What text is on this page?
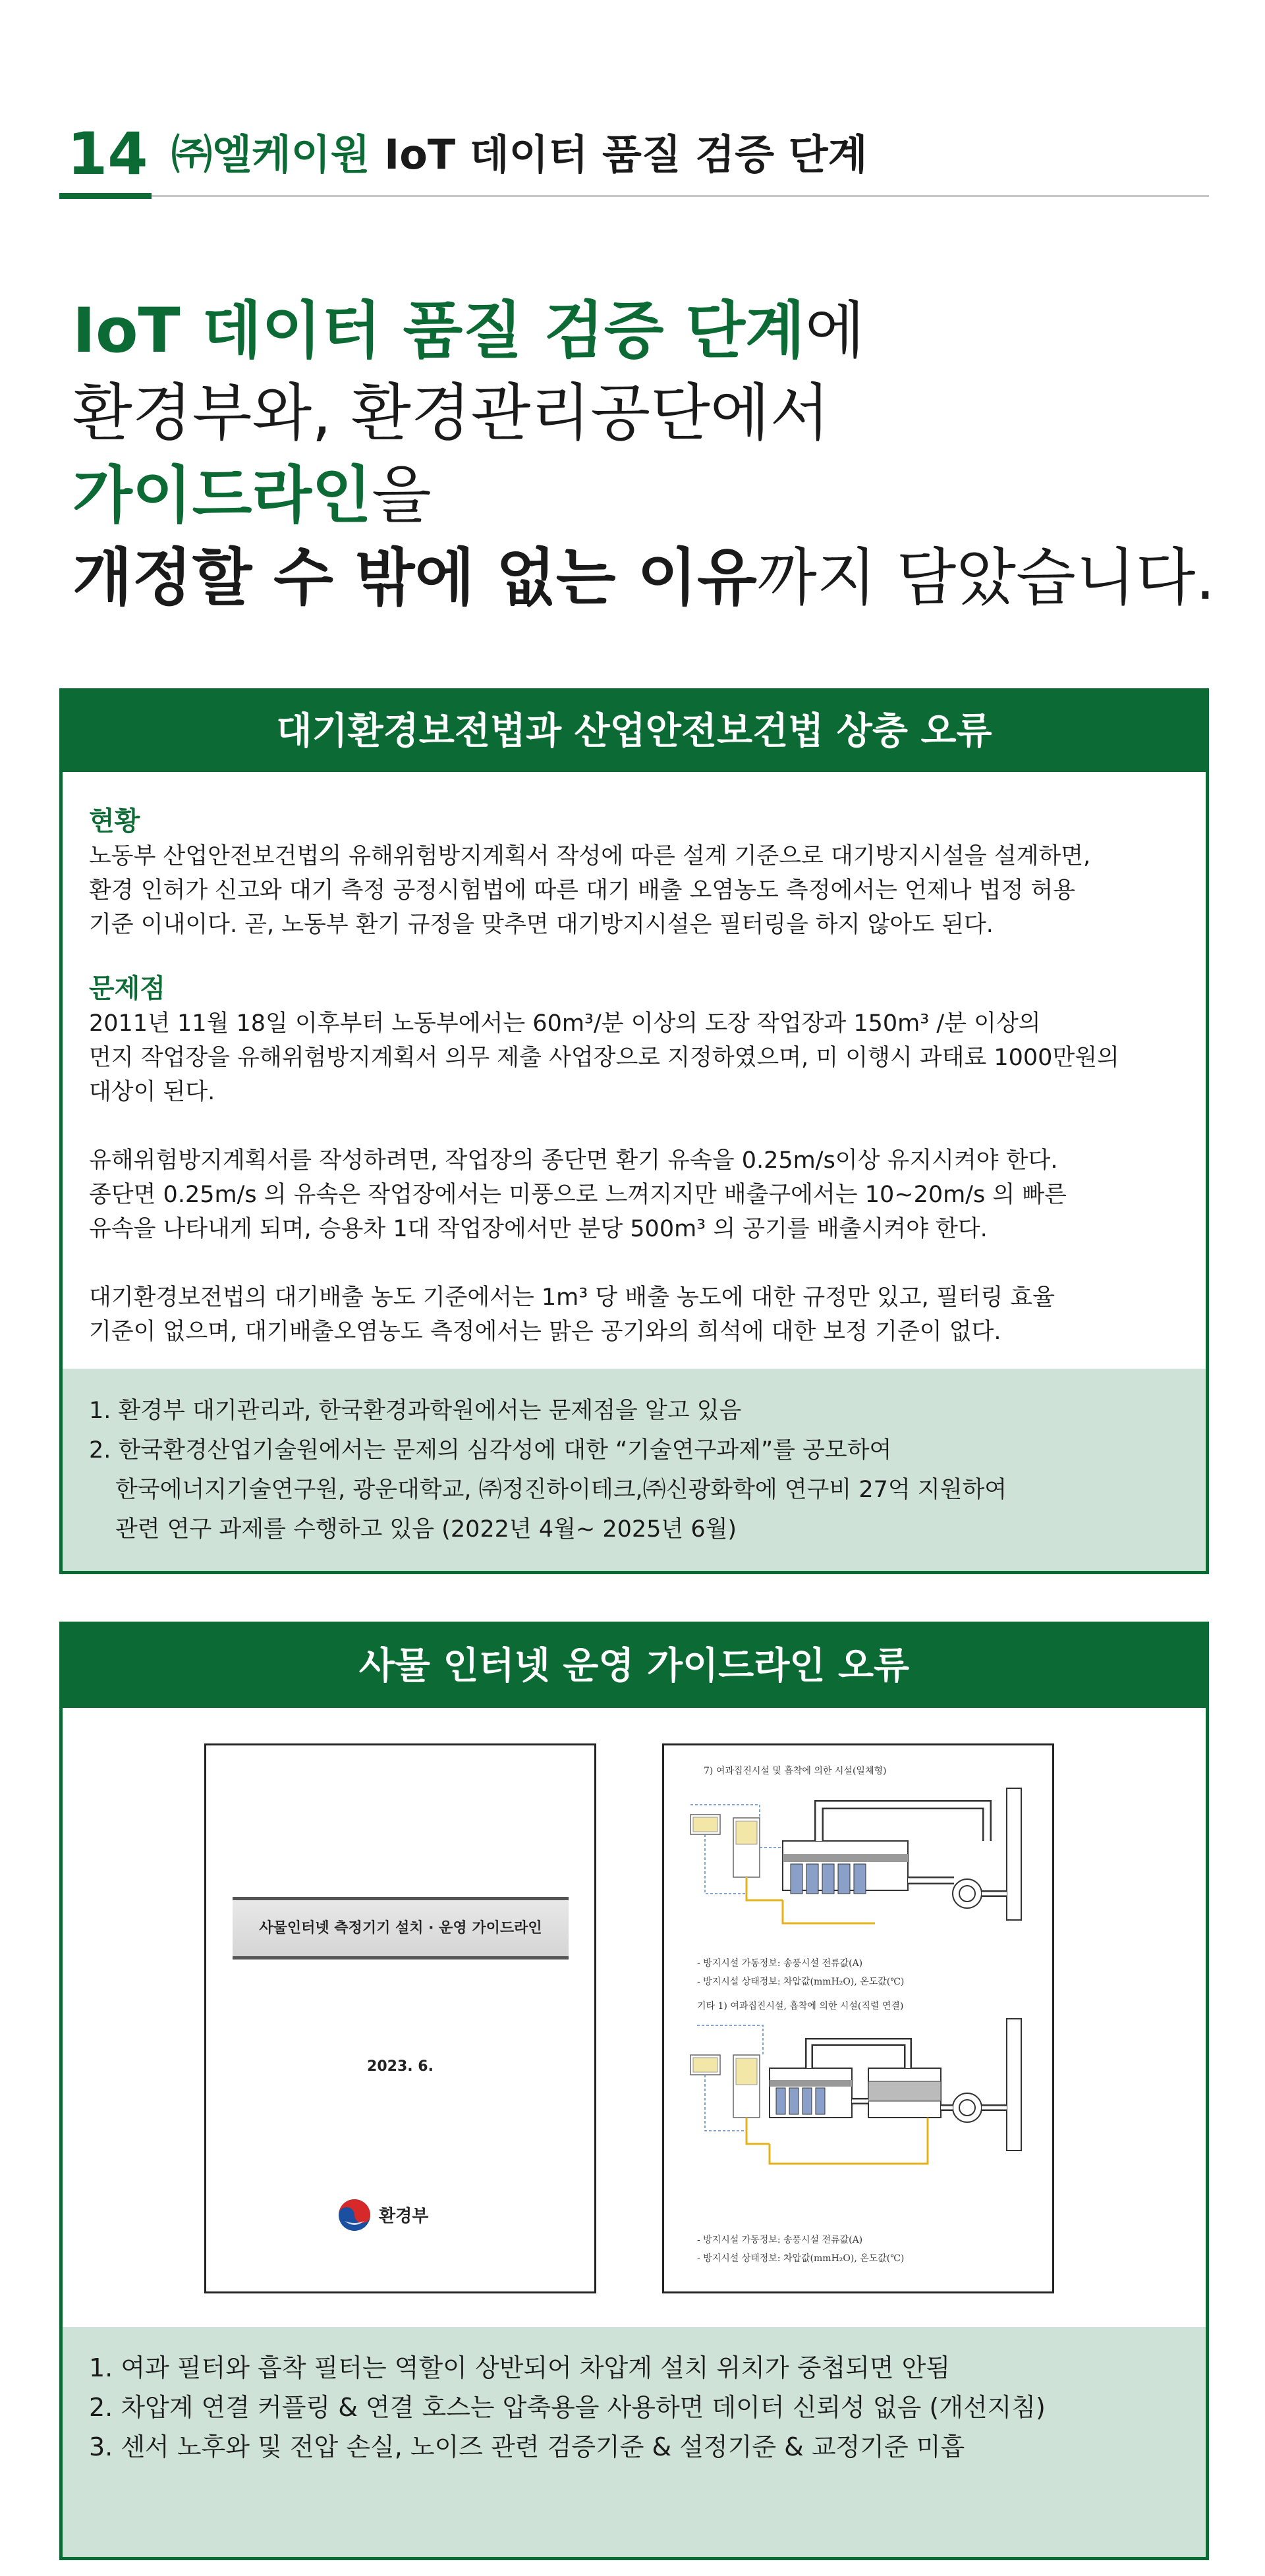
14 ㈜엘케이원 IoT 데이터 품질 검증 단계
IoT 데이터 품질 검증 단계에
환경부와, 환경관리공단에서
가이드라인을
개정할 수 밖에 없는 이유까지 담았습니다.
대기환경보전법과 산업안전보건법 상충 오류
현황
노동부 산업안전보건법의 유해위험방지계획서 작성에 따른 설계 기준으로 대기방지시설을 설계하면,
환경 인허가 신고와 대기 측정 공정시험법에 따른 대기 배출 오염농도 측정에서는 언제나 법정 허용
기준 이내이다. 곧, 노동부 환기 규정을 맞추면 대기방지시설은 필터링을 하지 않아도 된다.
문제점
2011년 11월 18일 이후부터 노동부에서는 60m³/분 이상의 도장 작업장과 150m³ /분 이상의
먼지 작업장을 유해위험방지계획서 의무 제출 사업장으로 지정하였으며, 미 이행시 과태료 1000만원의
대상이 된다.
유해위험방지계획서를 작성하려면, 작업장의 종단면 환기 유속을 0.25m/s이상 유지시켜야 한다.
종단면 0.25m/s 의 유속은 작업장에서는 미풍으로 느껴지지만 배출구에서는 10~20m/s 의 빠른
유속을 나타내게 되며, 승용차 1대 작업장에서만 분당 500m³ 의 공기를 배출시켜야 한다.
대기환경보전법의 대기배출 농도 기준에서는 1m³ 당 배출 농도에 대한 규정만 있고, 필터링 효율
기준이 없으며, 대기배출오염농도 측정에서는 맑은 공기와의 희석에 대한 보정 기준이 없다.
1. 환경부 대기관리과, 한국환경과학원에서는 문제점을 알고 있음
2. 한국환경산업기술원에서는 문제의 심각성에 대한 “기술연구과제”를 공모하여
한국에너지기술연구원, 광운대학교, ㈜정진하이테크,㈜신광화학에 연구비 27억 지원하여
관련 연구 과제를 수행하고 있음 (2022년 4월~ 2025년 6월)
사물 인터넷 운영 가이드라인 오류
사물인터넷 측정기기 설치 · 운영 가이드라인
2023. 6.
환경부
7) 여과집진시설 및 흡착에 의한 시설(일체형)
- 방지시설 가동정보: 송풍시설 전류값(A)
- 방지시설 상태정보: 차압값(mmH₂O), 온도값(℃)
기타 1) 여과집진시설, 흡착에 의한 시설(직렬 연결)
- 방지시설 가동정보: 송풍시설 전류값(A)
- 방지시설 상태정보: 차압값(mmH₂O), 온도값(℃)
1. 여과 필터와 흡착 필터는 역할이 상반되어 차압계 설치 위치가 중첩되면 안됨
2. 차압계 연결 커플링 & 연결 호스는 압축용을 사용하면 데이터 신뢰성 없음 (개선지침)
3. 센서 노후와 및 전압 손실, 노이즈 관련 검증기준 & 설정기준 & 교정기준 미흡
